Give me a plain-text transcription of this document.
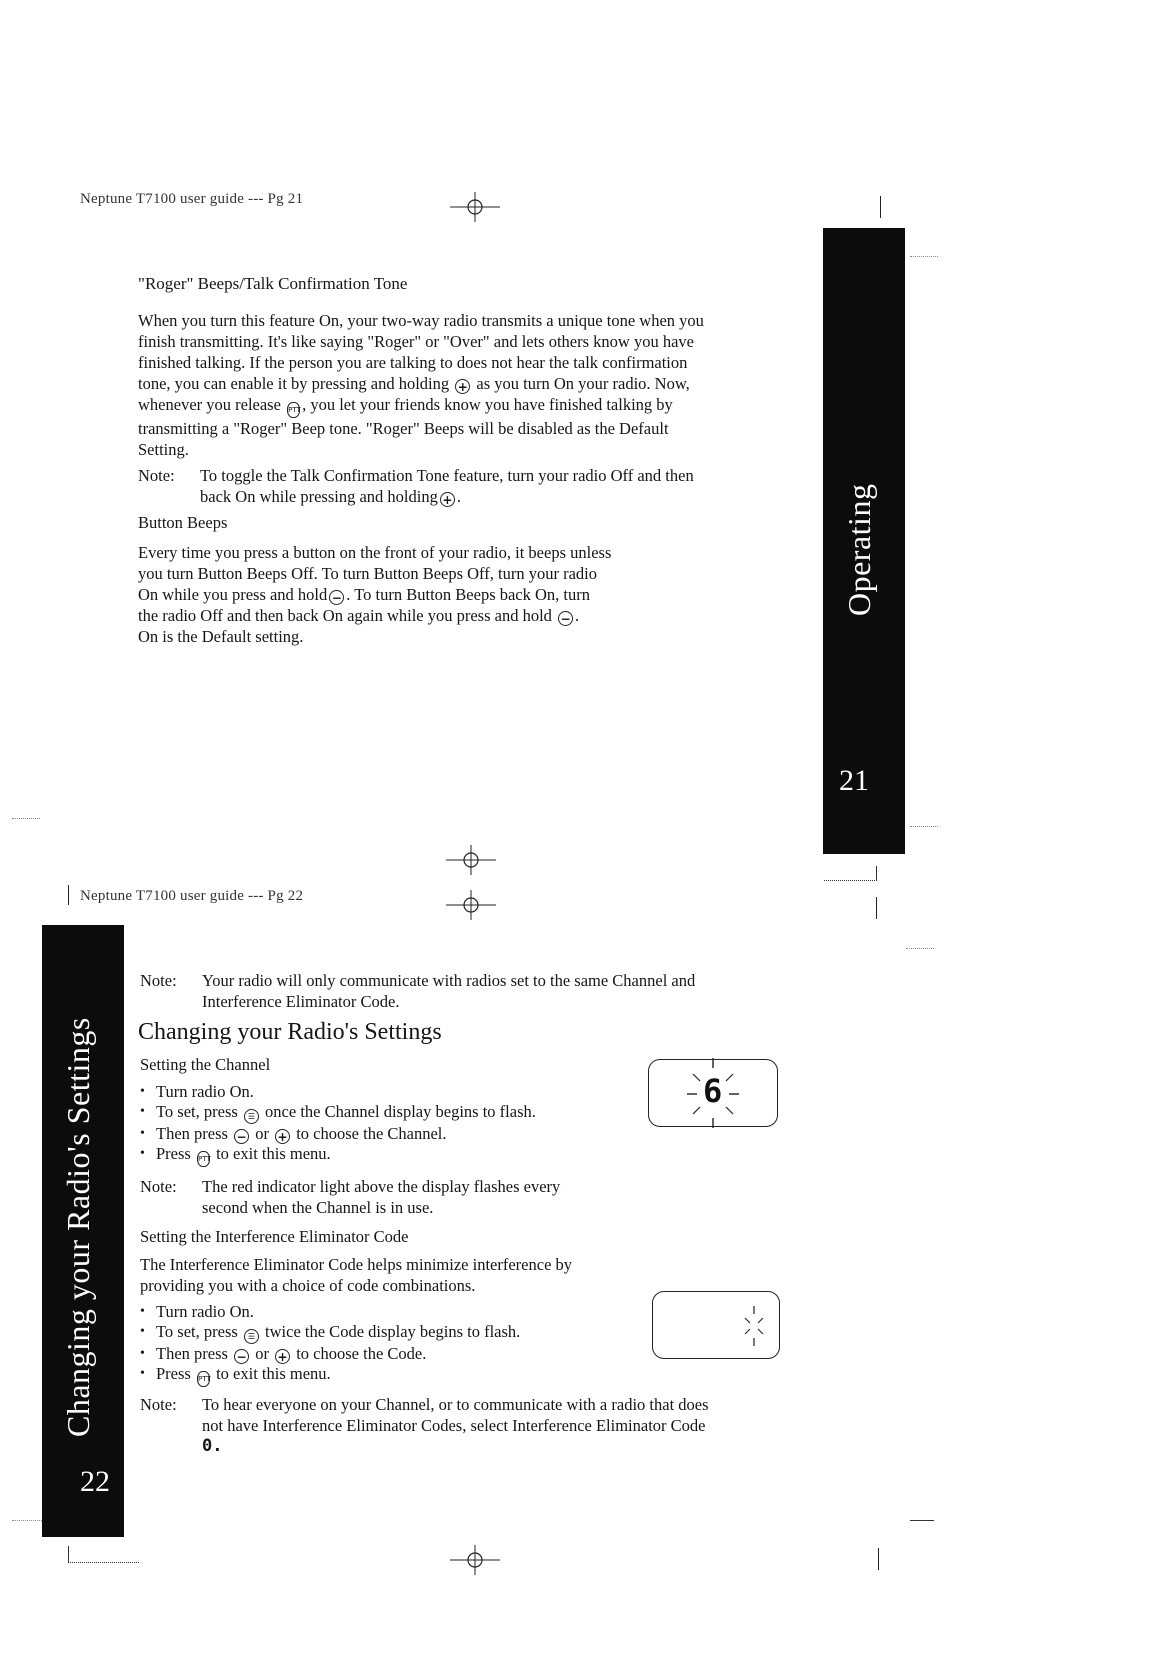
Neptune T7100 user guide --- Pg 21
Operating
21
"Roger" Beeps/Talk Confirmation Tone
When you turn this feature On, your two-way radio transmits a unique tone when you
finish transmitting. It's like saying "Roger" or "Over" and lets others know you have
finished talking. If the person you are talking to does not hear the talk confirmation
tone, you can enable it by pressing and holding + as you turn On your radio. Now,
whenever you release PTT, you let your friends know you have finished talking by
transmitting a "Roger" Beep tone. "Roger" Beeps will be disabled as the Default
Setting.
Note: To toggle the Talk Confirmation Tone feature, turn your radio Off and then
back On while pressing and holding + .
Button Beeps
Every time you press a button on the front of your radio, it beeps unless
you turn Button Beeps Off. To turn Button Beeps Off, turn your radio
On while you press and hold − . To turn Button Beeps back On, turn
the radio Off and then back On again while you press and hold − .
On is the Default setting.
Neptune T7100 user guide --- Pg 22
Changing your Radio's Settings
22
Note: Your radio will only communicate with radios set to the same Channel and
Interference Eliminator Code.
Changing your Radio's Settings
Setting the Channel
• Turn radio On.
• To set, press ☰ once the Channel display begins to flash.
• Then press − or + to choose the Channel.
• Press PTT to exit this menu.
6
Note: The red indicator light above the display flashes every
second when the Channel is in use.
Setting the Interference Eliminator Code
The Interference Eliminator Code helps minimize interference by
providing you with a choice of code combinations.
• Turn radio On.
• To set, press ☰ twice the Code display begins to flash.
• Then press − or + to choose the Code.
• Press PTT to exit this menu.
Note: To hear everyone on your Channel, or to communicate with a radio that does
not have Interference Eliminator Codes, select Interference Eliminator Code
0.
